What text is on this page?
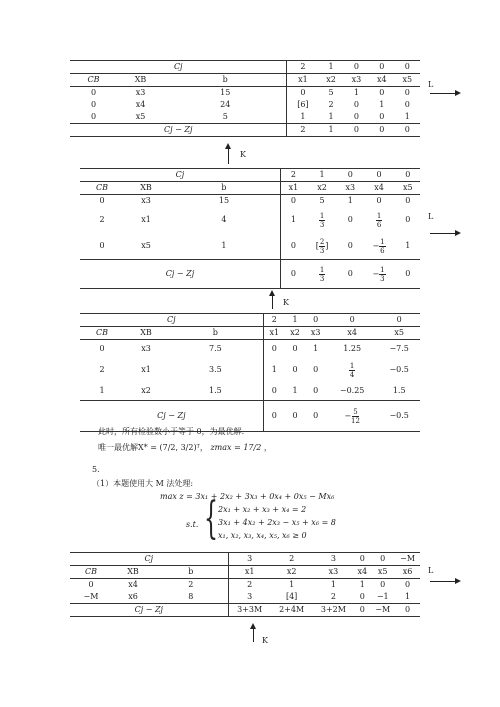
Cj			2	1	0	0	0
CB	XB	b	x1	x2	x3	x4	x5
0	x3	15	0	5	1	0	0
0	x4	24	[6]	2	0	1	0
0	x5	5	1	1	0	0	1
Cj − Zj			2	1	0	0	0
L
K
Cj			2	1	0	0	0
CB	XB	b	x1	x2	x3	x4	x5
0	x3	15	0	5	1	0	0
2	x1	4	1	$\frac{1}{3}$	0	$\frac{1}{6}$	0
0	x5	1	0	[ $\frac{2}{3}$ ]	0	− $\frac{1}{6}$	1
Cj − Zj			0	$\frac{1}{3}$	0	− $\frac{1}{3}$	0
L
K
Cj			2	1	0	0	0
CB	XB	b	x1	x2	x3	x4	x5
0	x3	7.5	0	0	1	1.25	−7.5
2	x1	3.5	1	0	0	$\frac{1}{4}$	−0.5
1	x2	1.5	0	1	0	−0.25	1.5
Cj − Zj			0	0	0	− $\frac{5}{12}$	−0.5
此时，所有检验数小于等于 0，为最优解.
唯一最优解X* = (7/2, 3/2)ᵀ， zmax = 17/2 ，
5.
（1）本题使用大 M 法处理:
max z = 3x₁ + 2x₂ + 3x₃ + 0x₄ + 0x₅ − Mx₆
s.t. { 2x₁ + x₂ + x₃ + x₄ = 2
3x₁ + 4x₂ + 2x₃ − x₅ + x₆ = 8
x₁, x₂, x₃, x₄, x₅, x₆ ≥ 0
Cj			3	2	3	0	0	−M
CB	XB	b	x1	x2	x3	x4	x5	x6
0	x4	2	2	1	1	1	0	0
−M	x6	8	3	[4]	2	0	−1	1
Cj − Zj			3+3M	2+4M	3+2M	0	−M	0
L
K
